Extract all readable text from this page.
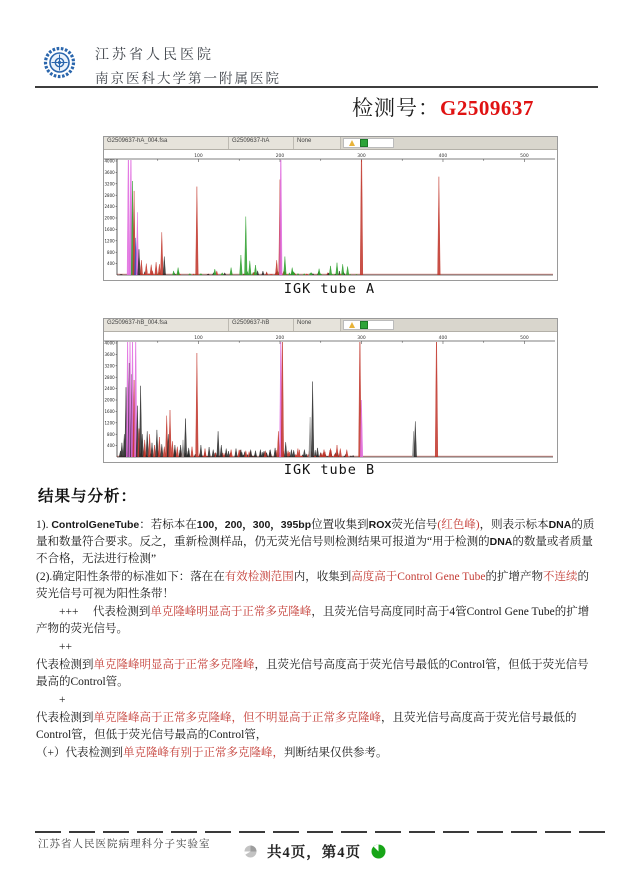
江苏省人民医院
南京医科大学第一附属医院
检测号：G2509637
G2509637-hA_004.fsa	G2509637-hA	None
100	200	300	400	500
400
800
1200
1600
2000
2400
2800
3200
3600
4000
IGK tube A
G2509637-hB_004.fsa	G2509637-hB	None
100	200	300	400	500
400
800
1200
1600
2000
2400
2800
3200
3600
4000
IGK tube B
结果与分析：
1). ControlGeneTube：若标本在100，200，300，395bp位置收集到ROX荧光信号(红色峰)，则表示标本DNA的质量和数量符合要求。反之，重新检测样品，仍无荧光信号则检测结果可报道为“用于检测的DNA的数量或者质量不合格，无法进行检测”
(2).确定阳性条带的标准如下：落在在有效检测范围内，收集到高度高于Control Gene Tube的扩增产物不连续的荧光信号可视为阳性条带！
　　+++　 代表检测到单克隆峰明显高于正常多克隆峰，且荧光信号高度同时高于4管Control Gene Tube的扩增产物的荧光信号。
　　++
代表检测到单克隆峰明显高于正常多克隆峰，且荧光信号高度高于荧光信号最低的Control管，但低于荧光信号最高的Control管。
　　+
代表检测到单克隆峰高于正常多克隆峰，但不明显高于正常多克隆峰，且荧光信号高度高于荧光信号最低的Control管，但低于荧光信号最高的Control管，
（+）代表检测到单克隆峰有别于正常多克隆峰，判断结果仅供参考。
江苏省人民医院病理科分子实验室
共4页，第4页
